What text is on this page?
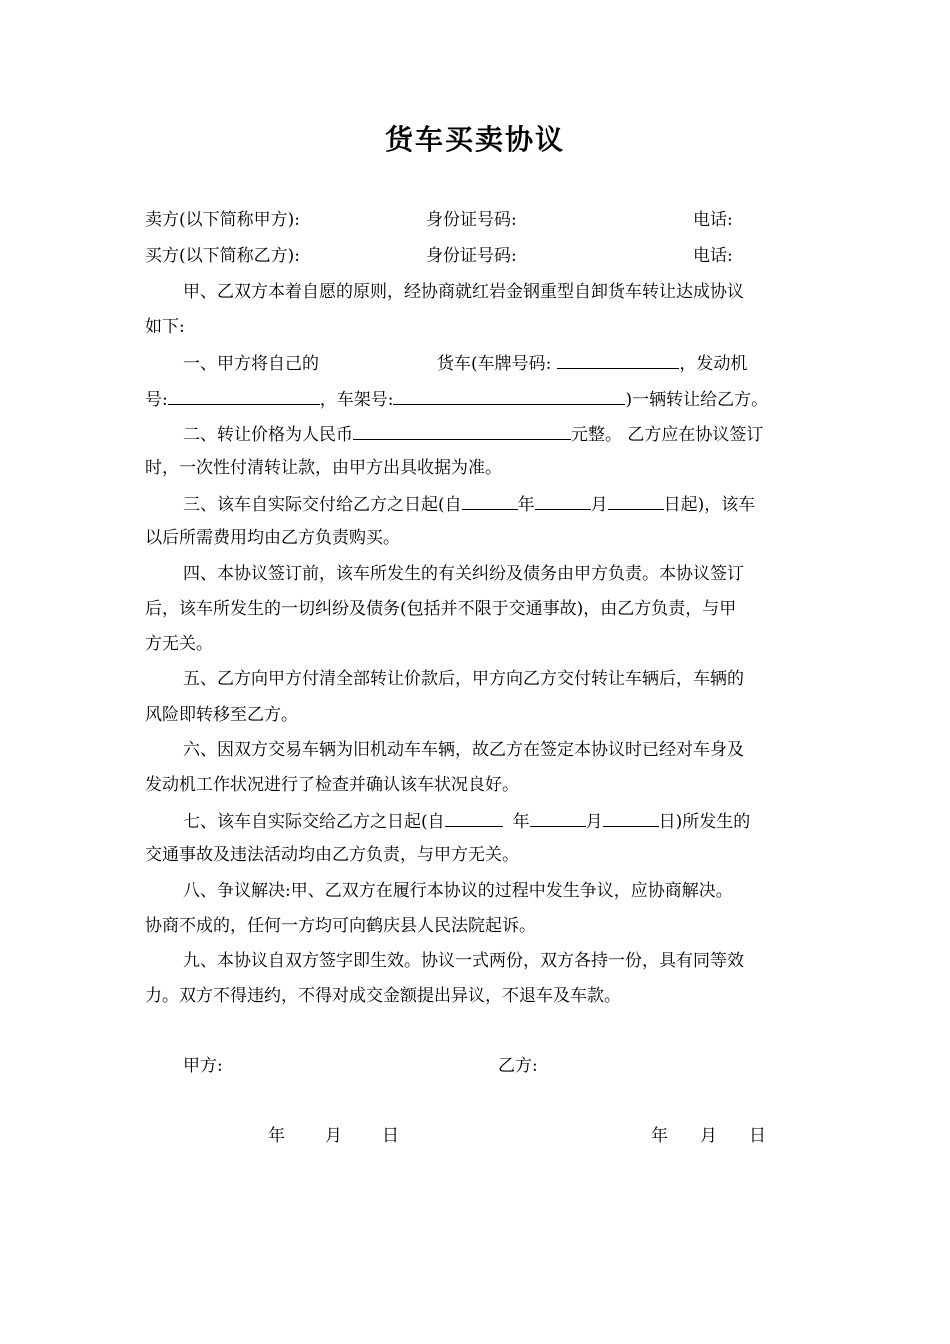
货车买卖协议
卖方(以下简称甲方):	身份证号码:	电话:
买方(以下简称乙方):	身份证号码:	电话:
甲、乙双方本着自愿的原则，经协商就红岩金钢重型自卸货车转让达成协议
如下:
一、甲方将自己的	货车(车牌号码:	，发动机
号:	，车架号:	)一辆转让给乙方。
二、转让价格为人民币	元整。 乙方应在协议签订
时，一次性付清转让款，由甲方出具收据为准。
三、该车自实际交付给乙方之日起(自	年	月	日起)，该车
以后所需费用均由乙方负责购买。
四、本协议签订前，该车所发生的有关纠纷及债务由甲方负责。本协议签订
后，该车所发生的一切纠纷及债务(包括并不限于交通事故)，由乙方负责，与甲
方无关。
五、乙方向甲方付清全部转让价款后，甲方向乙方交付转让车辆后，车辆的
风险即转移至乙方。
六、因双方交易车辆为旧机动车车辆，故乙方在签定本协议时已经对车身及
发动机工作状况进行了检查并确认该车状况良好。
七、该车自实际交给乙方之日起(自	年	月	日)所发生的
交通事故及违法活动均由乙方负责，与甲方无关。
八、争议解决:甲、乙双方在履行本协议的过程中发生争议，应协商解决。
协商不成的，任何一方均可向鹤庆县人民法院起诉。
九、本协议自双方签字即生效。协议一式两份，双方各持一份，具有同等效
力。双方不得违约，不得对成交金额提出异议，不退车及车款。
甲方:	乙方:
年 月 日	年 月 日
